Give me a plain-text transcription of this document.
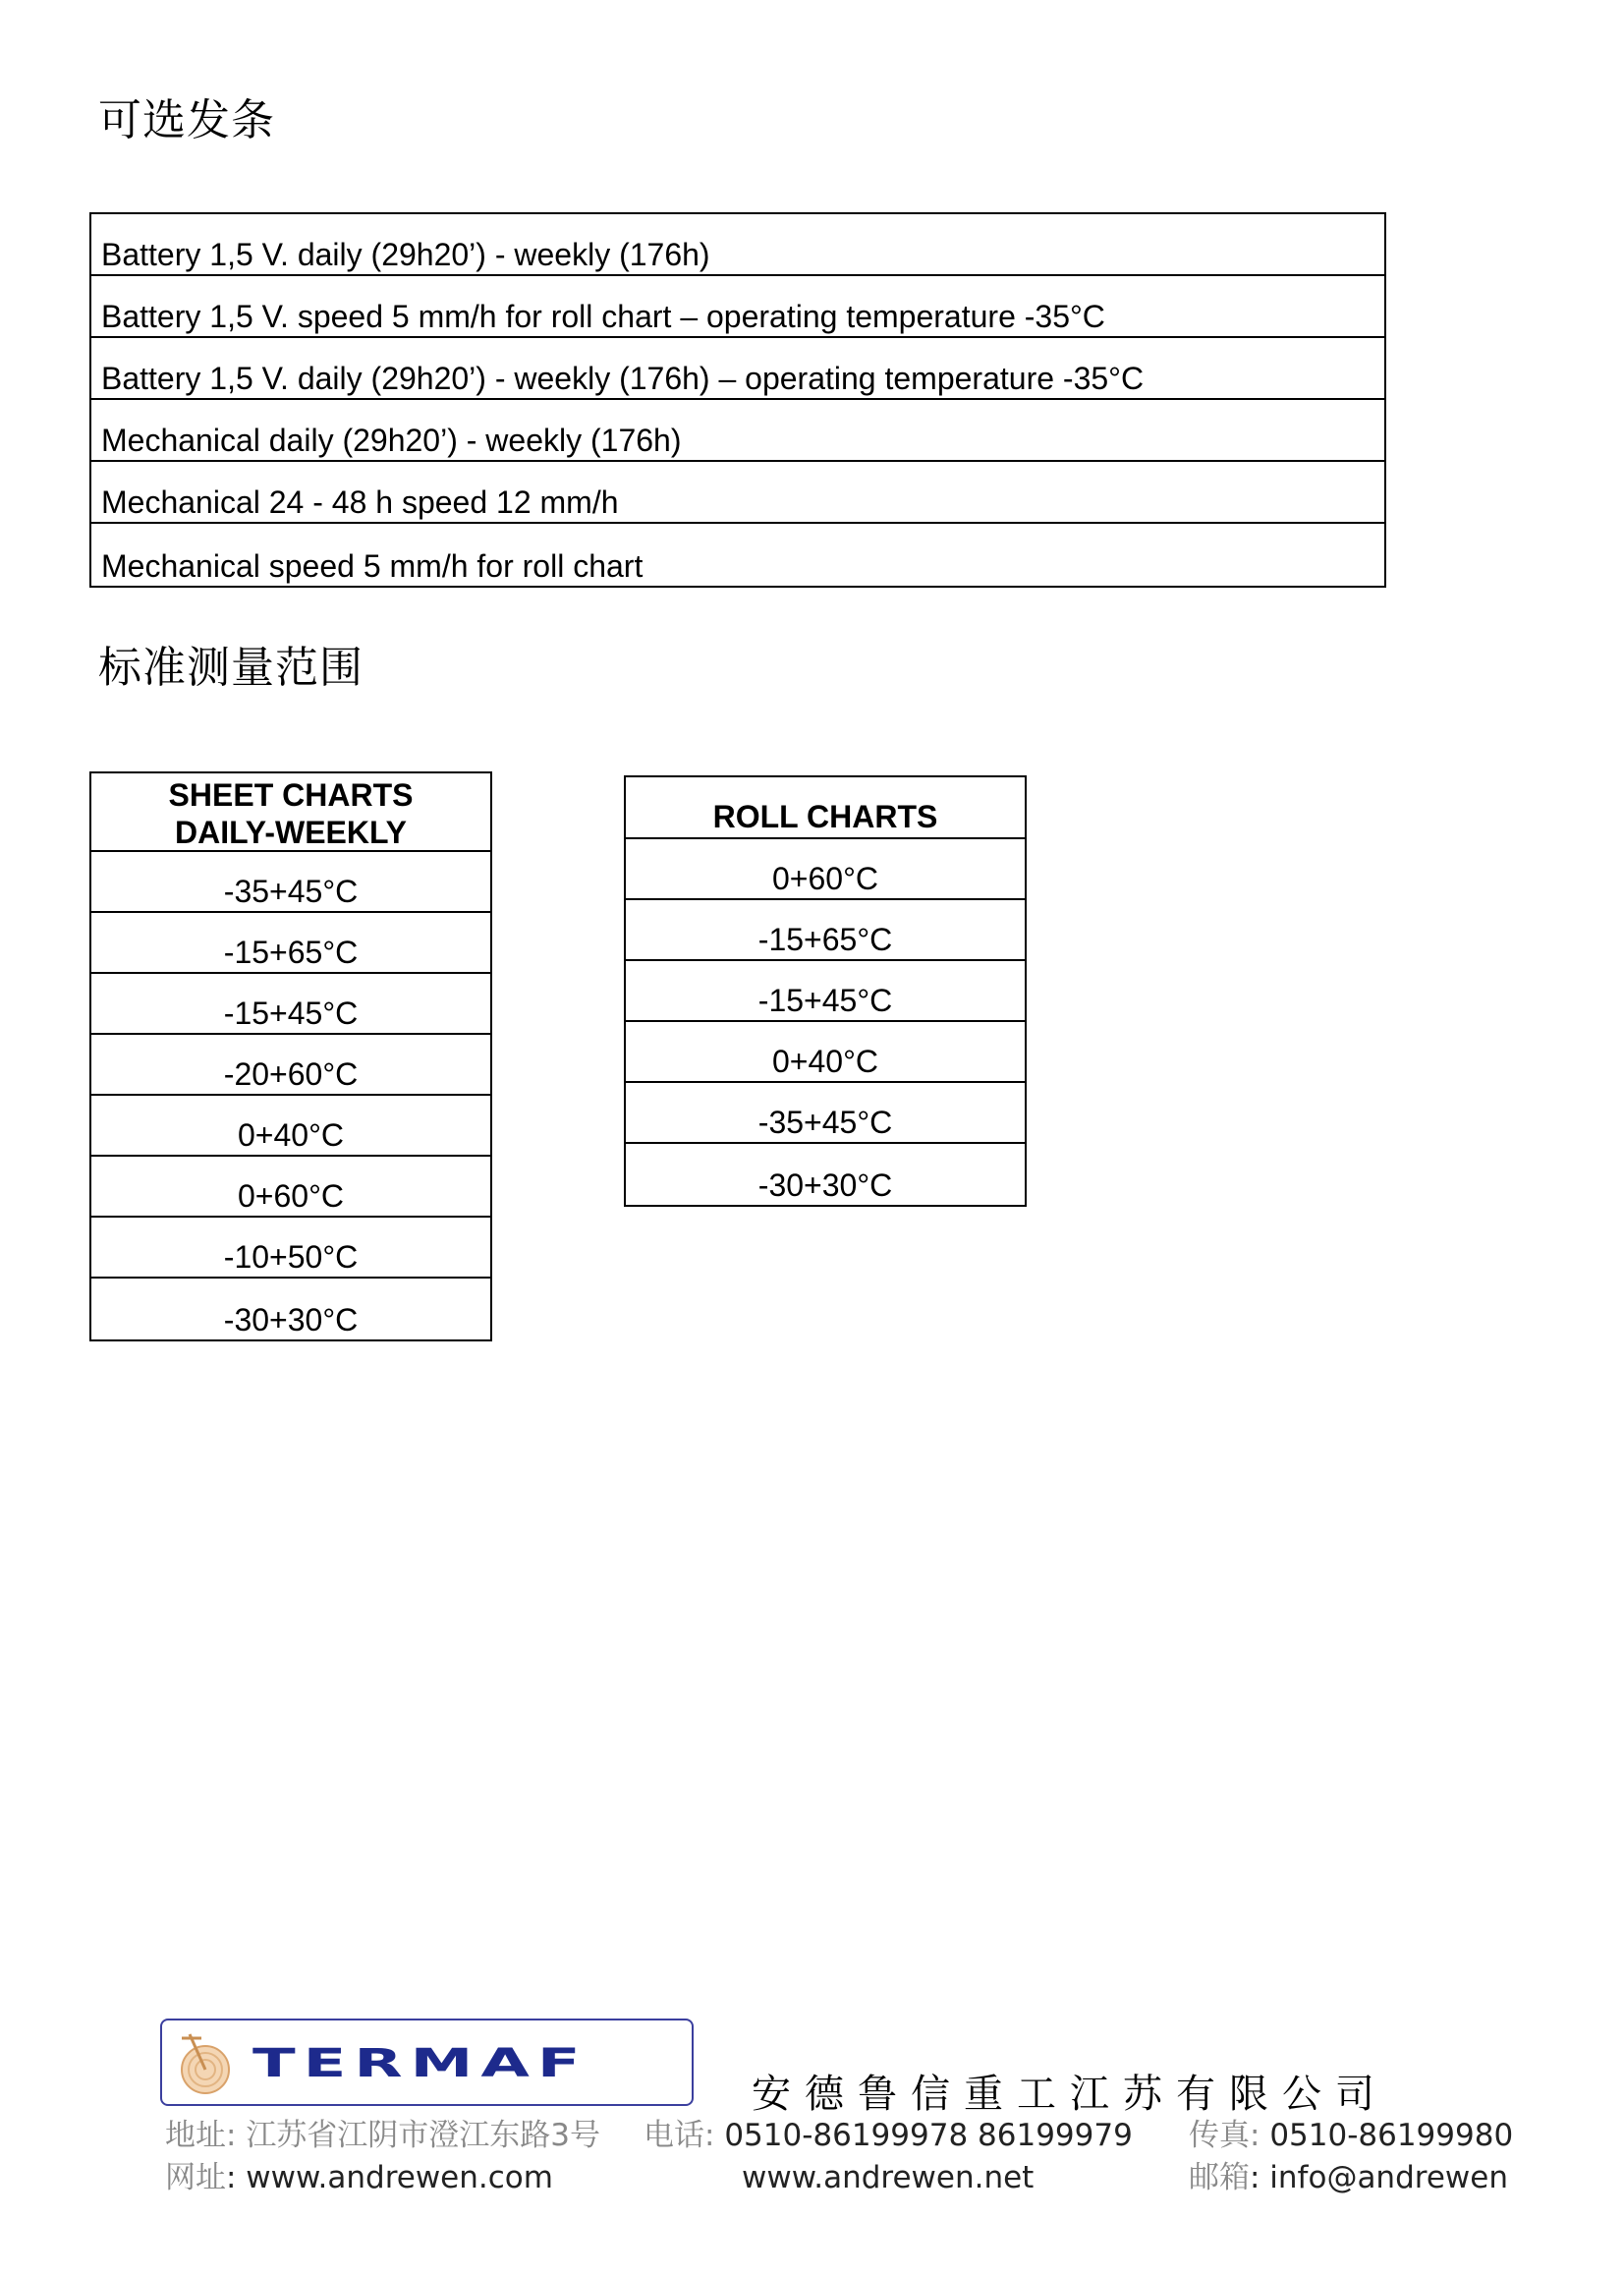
可选发条
Battery 1,5 V. daily (29h20’) - weekly (176h)
Battery 1,5 V. speed 5 mm/h for roll chart – operating temperature -35°C
Battery 1,5 V. daily (29h20’) - weekly (176h) – operating temperature -35°C
Mechanical daily (29h20’) - weekly (176h)
Mechanical 24 - 48 h speed 12 mm/h
Mechanical speed 5 mm/h for roll chart
标准测量范围
SHEET CHARTS
DAILY-WEEKLY
-35+45°C
-15+65°C
-15+45°C
-20+60°C
0+40°C
0+60°C
-10+50°C
-30+30°C
ROLL CHARTS
0+60°C
-15+65°C
-15+45°C
0+40°C
-35+45°C
-30+30°C
TERMAF
安德鲁信重工江苏有限公司
地址: 江苏省江阴市澄江东路3号 电话: 0510-86199978 86199979 传真: 0510-86199980
网址: www.andrewen.com	www.andrewen.net	邮箱: info@andrewen
